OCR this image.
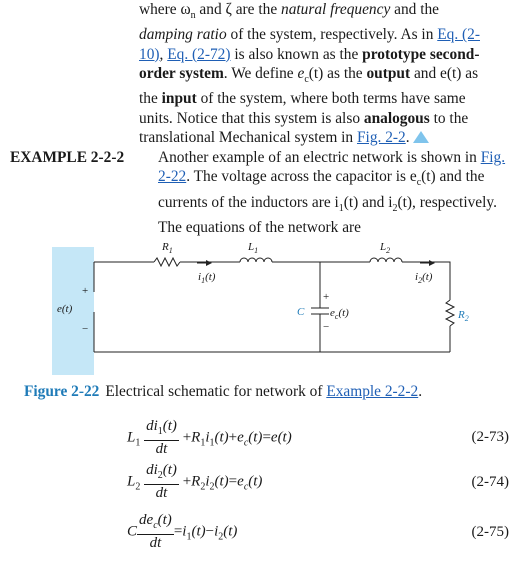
where $\omega_n$ and ζ are the natural frequency and the
damping ratio of the system, respectively. As in Eq. (2-
10), Eq. (2-72) is also known as the prototype second-
order system. We define $e_c(t)$ as the output and e(t) as
the input of the system, where both terms have same
units. Notice that this system is also analogous to the
translational Mechanical system in Fig. 2-2.
EXAMPLE 2-2-2 Another example of an electric network is shown in Fig.
2-22. The voltage across the capacitor is $e_c(t)$ and the
currents of the inductors are $i_1(t)$ and $i_2(t)$, respectively.
The equations of the network are
+
−
e(t)
$R_1$	$L_1$	$L_2$
$i_1(t)$	$i_2(t)$
C
+
−
$e_c(t)$	$R_2$
Figure 2-22 Electrical schematic for network of Example 2-2-2.
$L_1 \frac{di_1(t)}{dt} +R_1i_1(t)+e_c(t)=e(t)$	(2-73)
$L_2 \frac{di_2(t)}{dt} +R_2i_2(t)=e_c(t)$	(2-74)
C $\frac{de_c(t)}{dt} =i_1(t)-i_2(t)$	(2-75)
